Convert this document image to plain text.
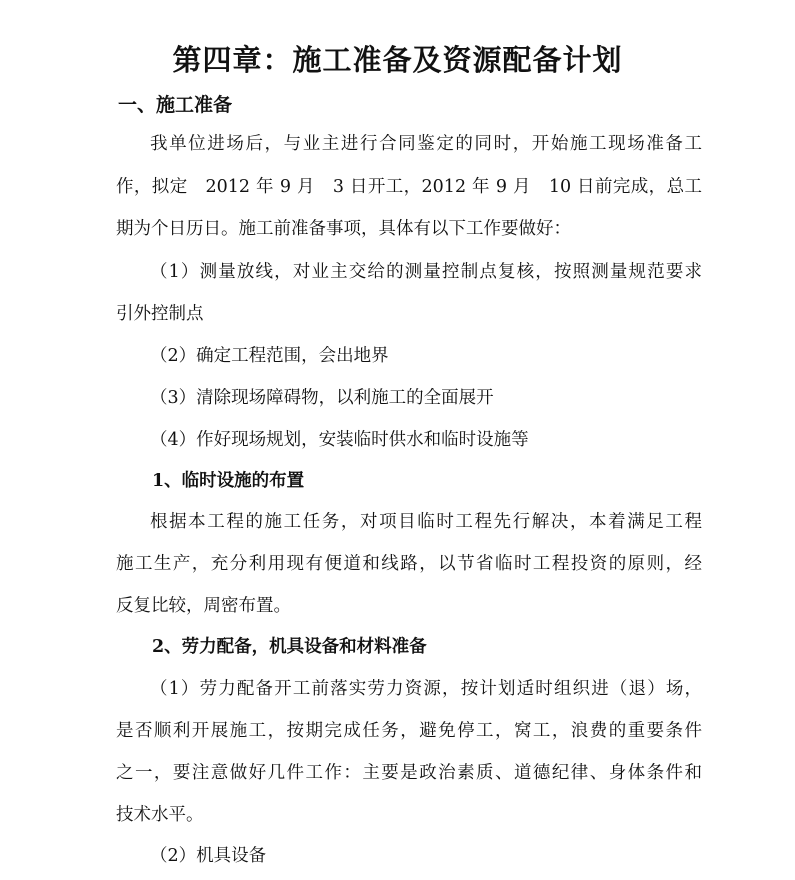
第四章：施工准备及资源配备计划
一、施工准备

我单位进场后，与业主进行合同鉴定的同时，开始施工现场准备工

作，拟定　2012 年 9 月　3 日开工，2012 年 9 月　10 日前完成，总工

期为个日历日。施工前准备事项，具体有以下工作要做好：

（1）测量放线，对业主交给的测量控制点复核，按照测量规范要求

引外控制点

（2）确定工程范围，会出地界

（3）清除现场障碍物，以利施工的全面展开

（4）作好现场规划，安装临时供水和临时设施等

1、临时设施的布置

根据本工程的施工任务，对项目临时工程先行解决，本着满足工程

施工生产，充分利用现有便道和线路，以节省临时工程投资的原则，经

反复比较，周密布置。

2、劳力配备，机具设备和材料准备

（1）劳力配备开工前落实劳力资源，按计划适时组织进（退）场，

是否顺利开展施工，按期完成任务，避免停工，窝工，浪费的重要条件

之一，要注意做好几件工作：主要是政治素质、道德纪律、身体条件和

技术水平。

（2）机具设备
